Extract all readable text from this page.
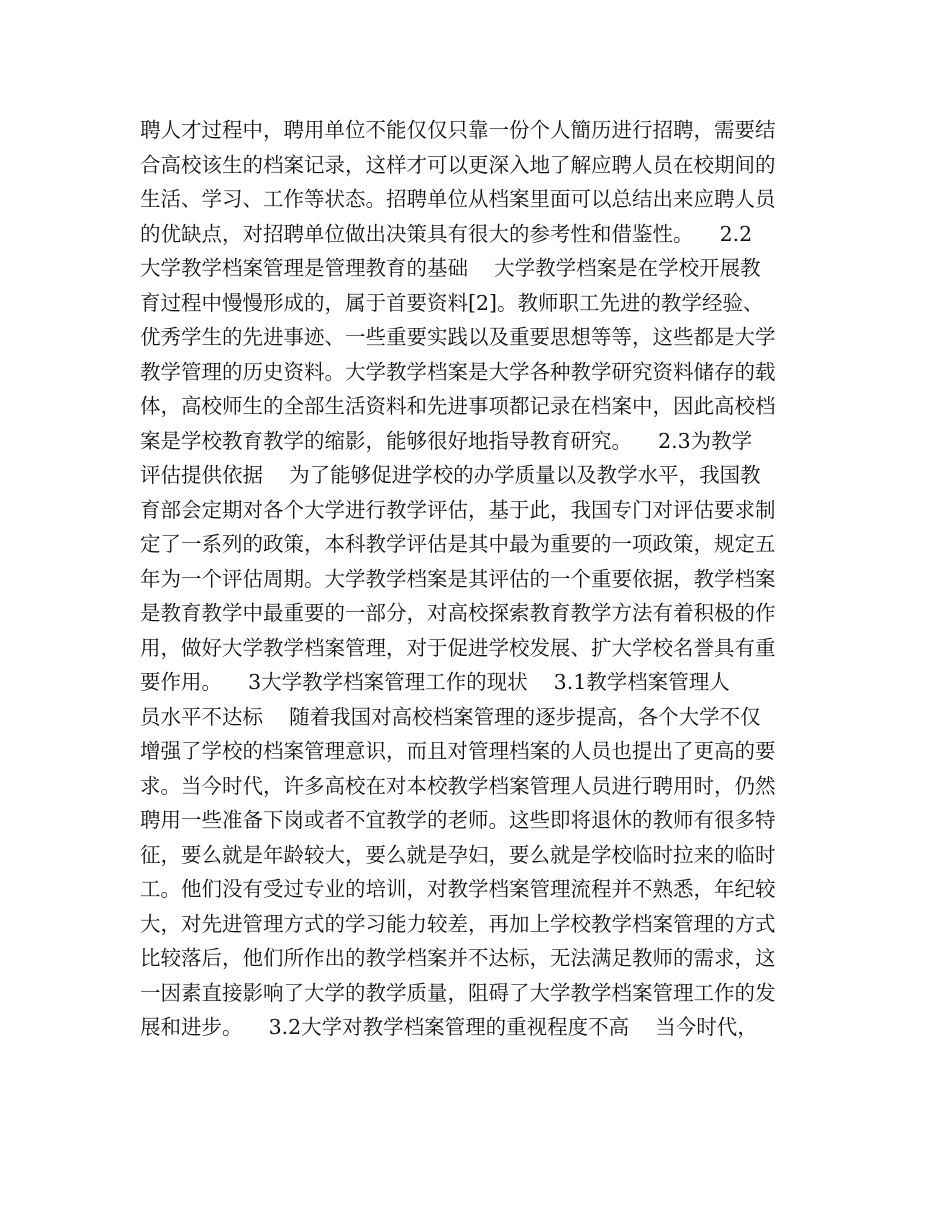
聘人才过程中，聘用单位不能仅仅只靠一份个人簡历进行招聘，需要结
合高校该生的档案记录，这样才可以更深入地了解应聘人员在校期间的
生活、学习、工作等状态。招聘单位从档案里面可以总结出来应聘人员
的优缺点，对招聘单位做出决策具有很大的参考性和借鉴性。    2.2
大学教学档案管理是管理教育的基础    大学教学档案是在学校开展教
育过程中慢慢形成的，属于首要资料[2]。教师职工先进的教学经验、
优秀学生的先进事迹、一些重要实践以及重要思想等等，这些都是大学
教学管理的历史资料。大学教学档案是大学各种教学研究资料储存的载
体，高校师生的全部生活资料和先进事项都记录在档案中，因此高校档
案是学校教育教学的缩影，能够很好地指导教育研究。    2.3为教学
评估提供依据    为了能够促进学校的办学质量以及教学水平，我国教
育部会定期对各个大学进行教学评估，基于此，我国专门对评估要求制
定了一系列的政策，本科教学评估是其中最为重要的一项政策，规定五
年为一个评估周期。大学教学档案是其评估的一个重要依据，教学档案
是教育教学中最重要的一部分，对高校探索教育教学方法有着积极的作
用，做好大学教学档案管理，对于促进学校发展、扩大学校名誉具有重
要作用。    3大学教学档案管理工作的现状    3.1教学档案管理人
员水平不达标    随着我国对高校档案管理的逐步提高，各个大学不仅
增强了学校的档案管理意识，而且对管理档案的人员也提出了更高的要
求。当今时代，许多高校在对本校教学档案管理人员进行聘用时，仍然
聘用一些准备下岗或者不宜教学的老师。这些即将退休的教师有很多特
征，要么就是年龄较大，要么就是孕妇，要么就是学校临时拉来的临时
工。他们没有受过专业的培训，对教学档案管理流程并不熟悉，年纪较
大，对先进管理方式的学习能力较差，再加上学校教学档案管理的方式
比较落后，他们所作出的教学档案并不达标，无法满足教师的需求，这
一因素直接影响了大学的教学质量，阻碍了大学教学档案管理工作的发
展和进步。    3.2大学对教学档案管理的重视程度不高    当今时代，
